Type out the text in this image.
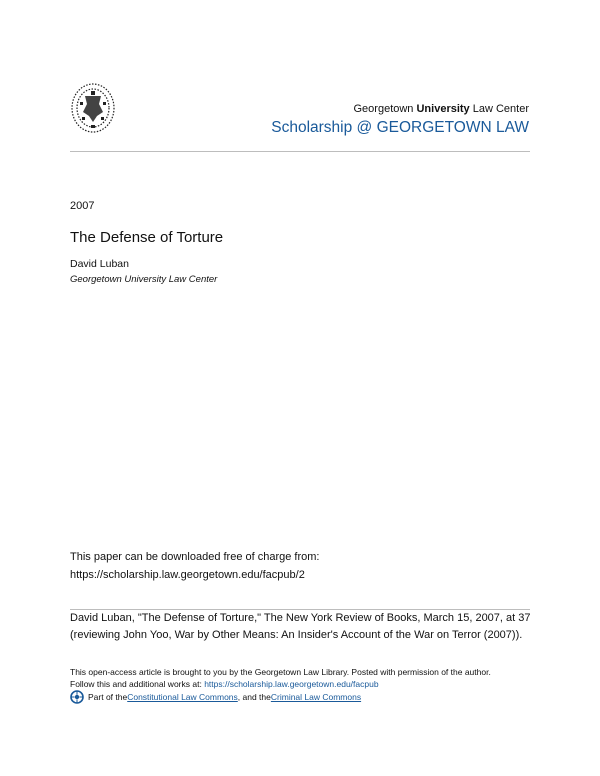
Georgetown University Law Center
Scholarship @ GEORGETOWN LAW
2007
The Defense of Torture
David Luban
Georgetown University Law Center
This paper can be downloaded free of charge from:
https://scholarship.law.georgetown.edu/facpub/2
David Luban, "The Defense of Torture," The New York Review of Books, March 15, 2007, at 37
(reviewing John Yoo, War by Other Means: An Insider's Account of the War on Terror (2007)).
This open-access article is brought to you by the Georgetown Law Library. Posted with permission of the author.
Follow this and additional works at: https://scholarship.law.georgetown.edu/facpub
Part of the Constitutional Law Commons , and the Criminal Law Commons
